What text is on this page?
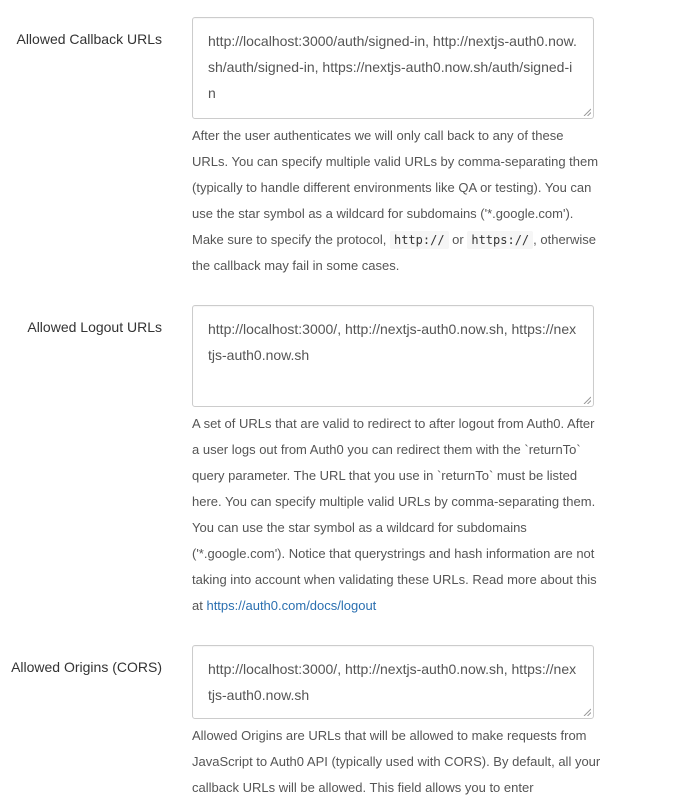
Allowed Callback URLs	http://localhost:3000/auth/signed-in, http://nextjs-auth0.now.sh/auth/signed-in, https://nextjs-auth0.now.sh/auth/signed-in
After the user authenticates we will only call back to any of these URLs. You can specify multiple valid URLs by comma-separating them (typically to handle different environments like QA or testing). You can use the star symbol as a wildcard for subdomains ('*.google.com'). Make sure to specify the protocol, http:// or https:// , otherwise the callback may fail in some cases.
Allowed Logout URLs	http://localhost:3000/, http://nextjs-auth0.now.sh, https://nextjs-auth0.now.sh
A set of URLs that are valid to redirect to after logout from Auth0. After a user logs out from Auth0 you can redirect them with the `returnTo` query parameter. The URL that you use in `returnTo` must be listed here. You can specify multiple valid URLs by comma-separating them. You can use the star symbol as a wildcard for subdomains ('*.google.com'). Notice that querystrings and hash information are not taking into account when validating these URLs. Read more about this at https://auth0.com/docs/logout
Allowed Origins (CORS)	http://localhost:3000/, http://nextjs-auth0.now.sh, https://nextjs-auth0.now.sh
Allowed Origins are URLs that will be allowed to make requests from JavaScript to Auth0 API (typically used with CORS). By default, all your callback URLs will be allowed. This field allows you to enter
